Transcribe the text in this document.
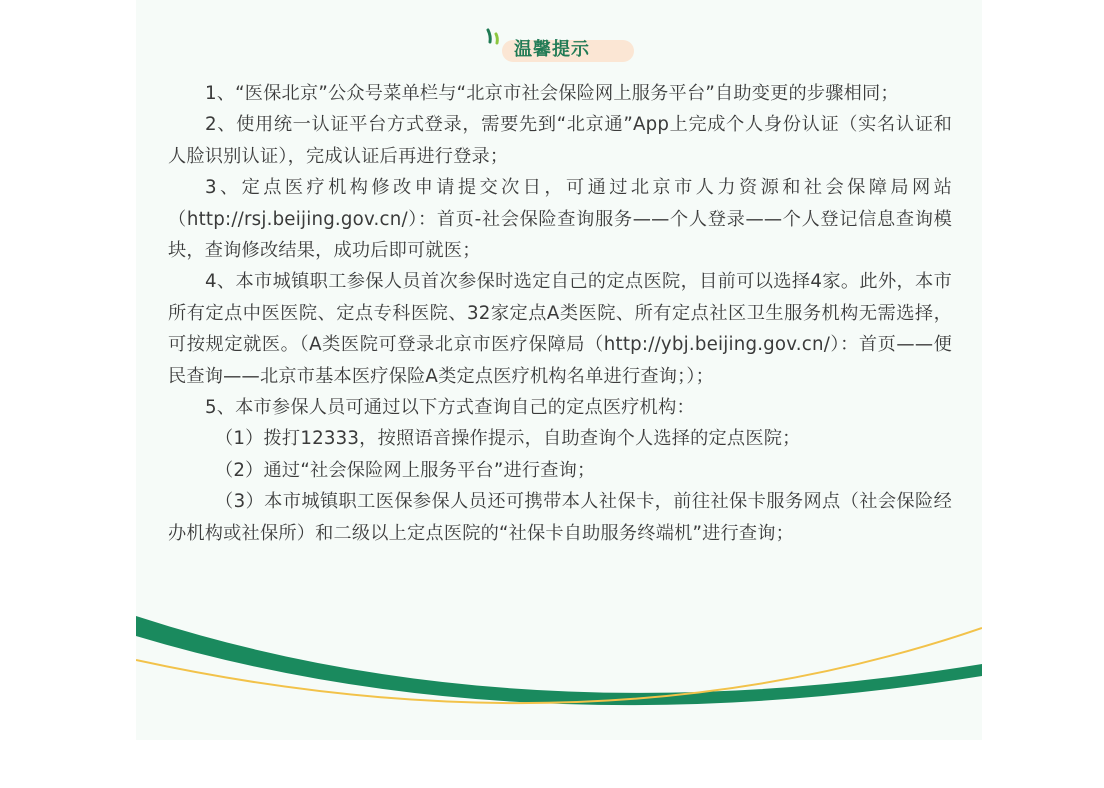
温馨提示

1、“医保北京”公众号菜单栏与“北京市社会保险网上服务平台”自助变更的步骤相同；

2、使用统一认证平台方式登录，需要先到“北京通”App上完成个人身份认证（实名认证和人脸识别认证），完成认证后再进行登录；

3、定点医疗机构修改申请提交次日，可通过北京市人力资源和社会保障局网站（http://rsj.beijing.gov.cn/）：首页-社会保险查询服务——个人登录——个人登记信息查询模块，查询修改结果，成功后即可就医；

4、本市城镇职工参保人员首次参保时选定自己的定点医院，目前可以选择4家。此外，本市所有定点中医医院、定点专科医院、32家定点A类医院、所有定点社区卫生服务机构无需选择，可按规定就医。（A类医院可登录北京市医疗保障局（http://ybj.beijing.gov.cn/）：首页——便民查询——北京市基本医疗保险A类定点医疗机构名单进行查询；）；

5、本市参保人员可通过以下方式查询自己的定点医疗机构：

（1）拨打12333，按照语音操作提示，自助查询个人选择的定点医院；

（2）通过“社会保险网上服务平台”进行查询；

（3）本市城镇职工医保参保人员还可携带本人社保卡，前往社保卡服务网点（社会保险经办机构或社保所）和二级以上定点医院的“社保卡自助服务终端机”进行查询；
